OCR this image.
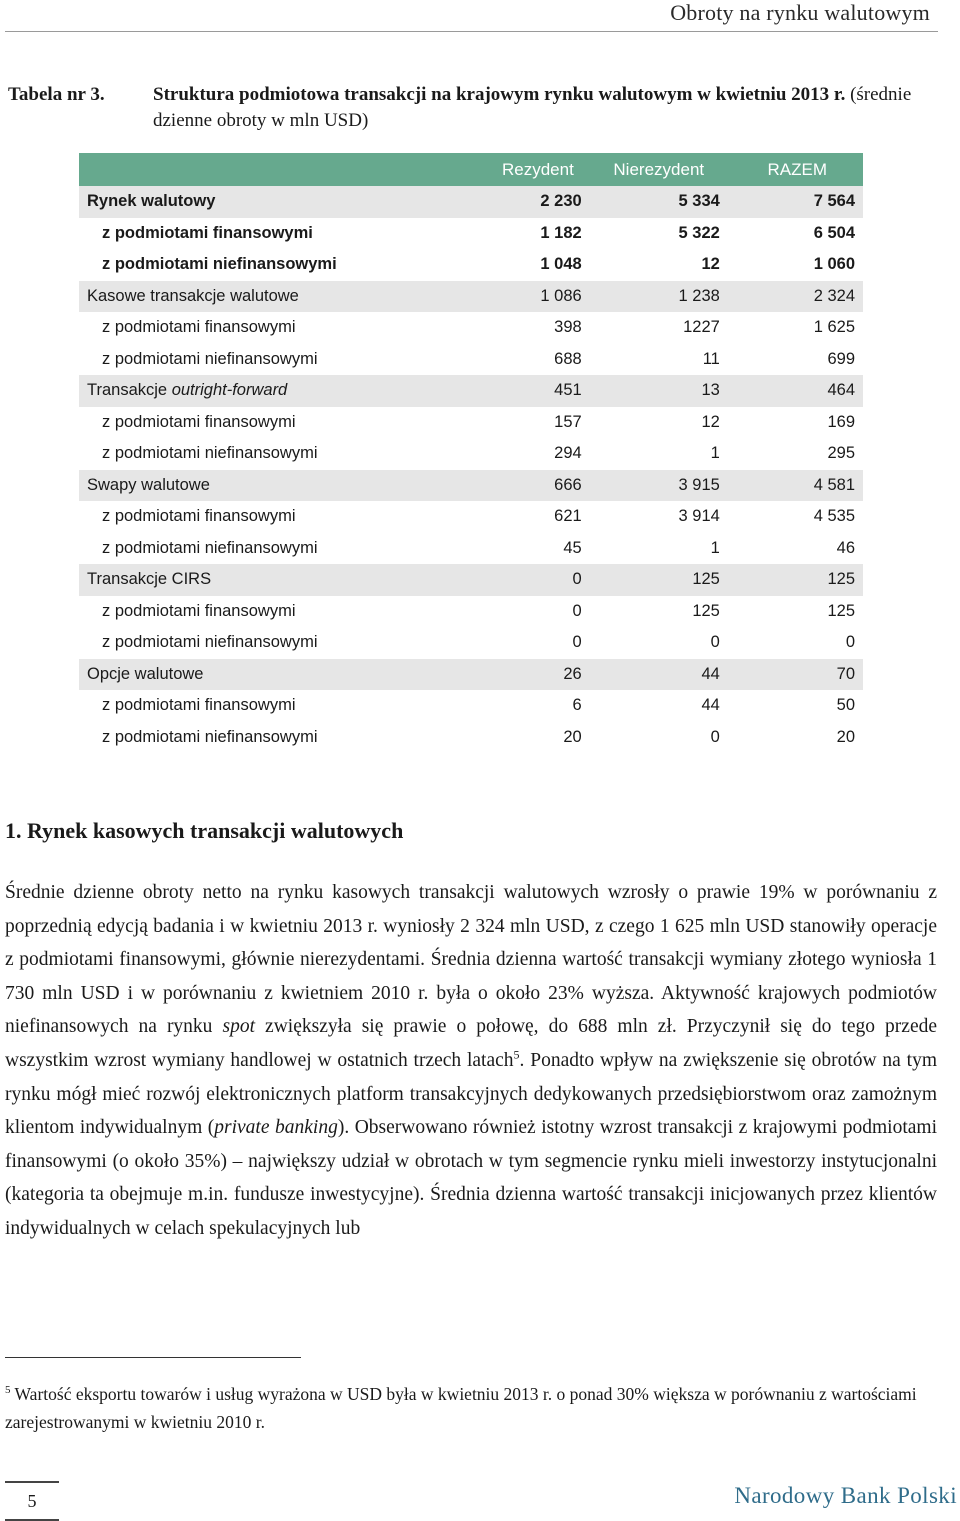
Obroty na rynku walutowym
Tabela nr 3.	Struktura podmiotowa transakcji na krajowym rynku walutowym w kwietniu 2013 r. (średnie dzienne obroty w mln USD)
	Rezydent	Nierezydent	RAZEM
Rynek walutowy	2 230	5 334	7 564
z podmiotami finansowymi	1 182	5 322	6 504
z podmiotami niefinansowymi	1 048	12	1 060
Kasowe transakcje walutowe	1 086	1 238	2 324
z podmiotami finansowymi	398	1227	1 625
z podmiotami niefinansowymi	688	11	699
Transakcje outright-forward	451	13	464
z podmiotami finansowymi	157	12	169
z podmiotami niefinansowymi	294	1	295
Swapy walutowe	666	3 915	4 581
z podmiotami finansowymi	621	3 914	4 535
z podmiotami niefinansowymi	45	1	46
Transakcje CIRS	0	125	125
z podmiotami finansowymi	0	125	125
z podmiotami niefinansowymi	0	0	0
Opcje walutowe	26	44	70
z podmiotami finansowymi	6	44	50
z podmiotami niefinansowymi	20	0	20
1. Rynek kasowych transakcji walutowych

Średnie dzienne obroty netto na rynku kasowych transakcji walutowych wzrosły o prawie 19% w porównaniu z poprzednią edycją badania i w kwietniu 2013 r. wyniosły 2 324 mln USD, z czego 1 625 mln USD stanowiły operacje z podmiotami finansowymi, głównie nierezydentami. Średnia dzienna wartość transakcji wymiany złotego wyniosła 1 730 mln USD i w porównaniu z kwietniem 2010 r. była o około 23% wyższa. Aktywność krajowych podmiotów niefinansowych na rynku spot zwiększyła się prawie o połowę, do 688 mln zł. Przyczynił się do tego przede wszystkim wzrost wymiany handlowej w ostatnich trzech latach$^5$. Ponadto wpływ na zwiększenie się obrotów na tym rynku mógł mieć rozwój elektronicznych platform transakcyjnych dedykowanych przedsiębiorstwom oraz zamożnym klientom indywidualnym (private banking). Obserwowano również istotny wzrost transakcji z krajowymi podmiotami finansowymi (o około 35%) – największy udział w obrotach w tym segmencie rynku mieli inwestorzy instytucjonalni (kategoria ta obejmuje m.in. fundusze inwestycyjne). Średnia dzienna wartość transakcji inicjowanych przez klientów indywidualnych w celach spekulacyjnych lub

$^5$ Wartość eksportu towarów i usług wyrażona w USD była w kwietniu 2013 r. o ponad 30% większa w porównaniu z wartościami zarejestrowanymi w kwietniu 2010 r.
5	Narodowy Bank Polski
